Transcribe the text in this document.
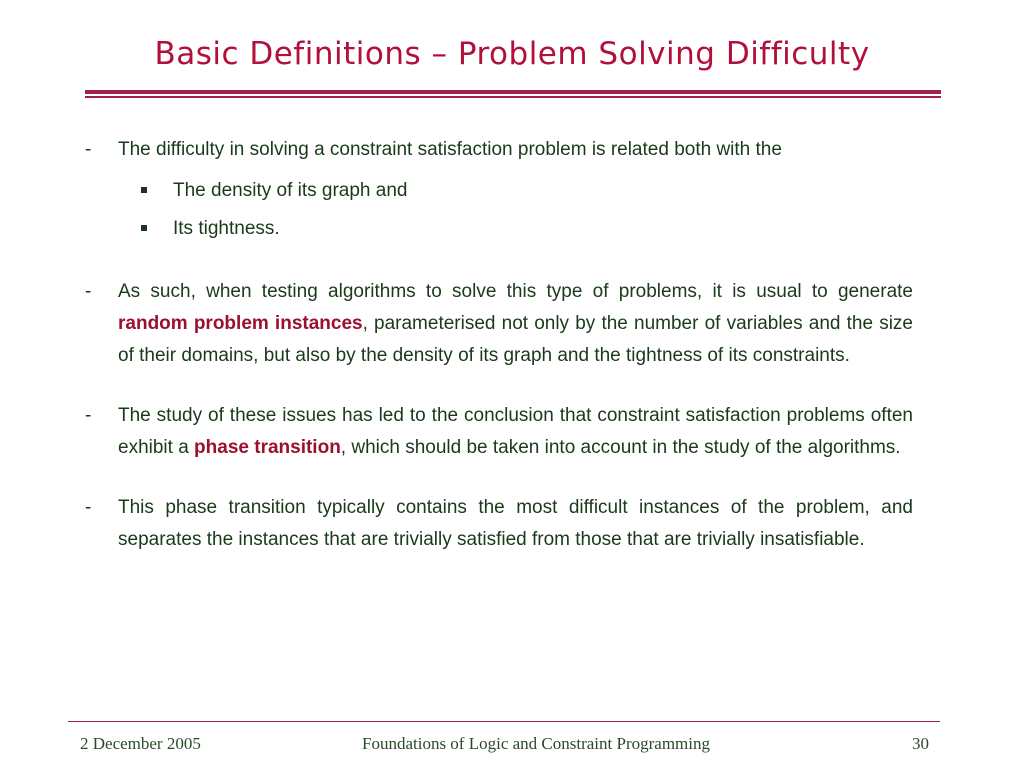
Basic Definitions – Problem Solving Difficulty
- The difficulty in solving a constraint satisfaction problem is related both with the
The density of its graph and
Its tightness.
- As such, when testing algorithms to solve this type of problems, it is usual to generate random problem instances, parameterised not only by the number of variables and the size of their domains, but also by the density of its graph and the tightness of its constraints.
- The study of these issues has led to the conclusion that constraint satisfaction problems often exhibit a phase transition, which should be taken into account in the study of the algorithms.
- This phase transition typically contains the most difficult instances of the problem, and separates the instances that are trivially satisfied from those that are trivially insatisfiable.
2 December 2005	Foundations of Logic and Constraint Programming	30
